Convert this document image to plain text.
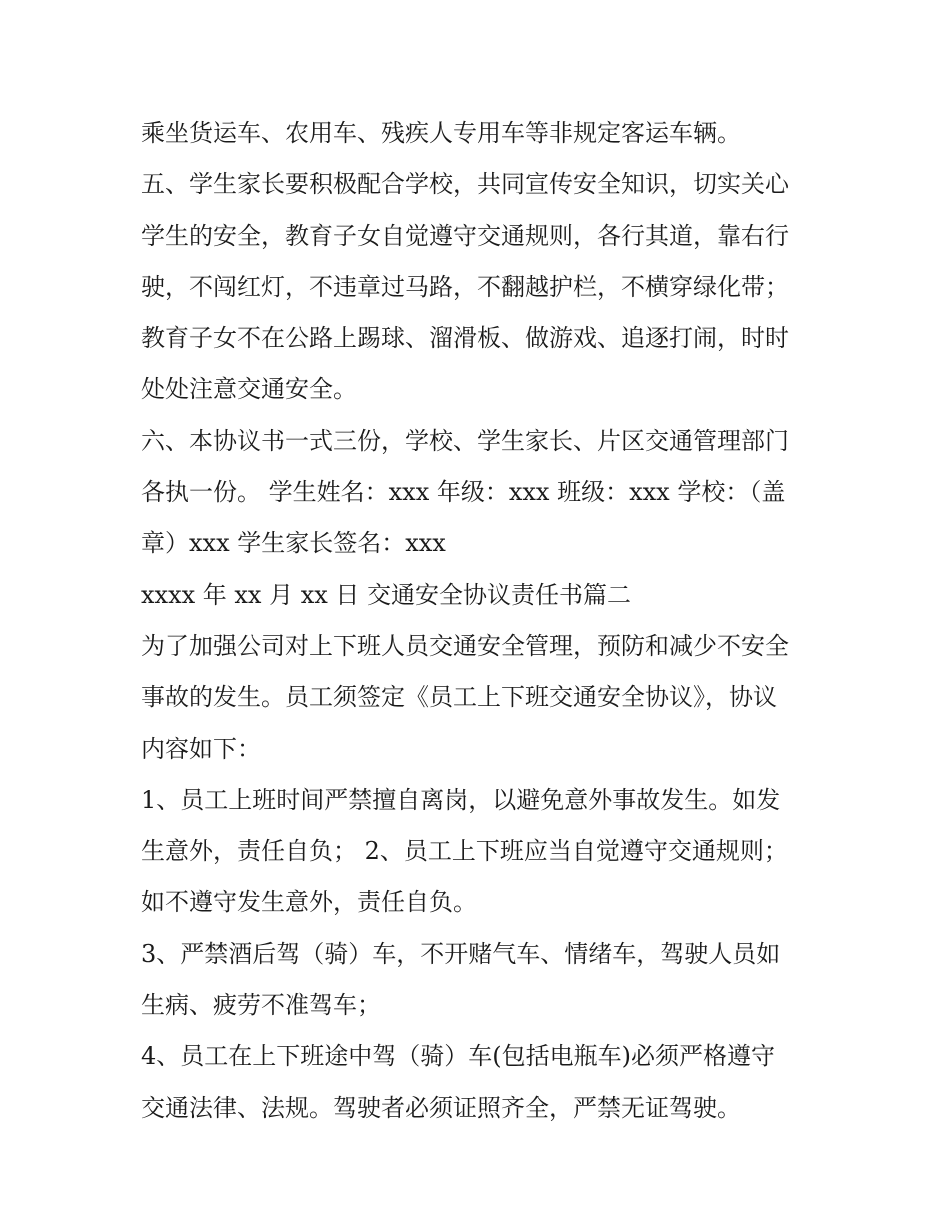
乘坐货运车、农用车、残疾人专用车等非规定客运车辆。

五、学生家长要积极配合学校，共同宣传安全知识，切实关心

学生的安全，教育子女自觉遵守交通规则，各行其道，靠右行

驶，不闯红灯，不违章过马路，不翻越护栏，不横穿绿化带；

教育子女不在公路上踢球、溜滑板、做游戏、追逐打闹，时时

处处注意交通安全。

六、本协议书一式三份，学校、学生家长、片区交通管理部门

各执一份。 学生姓名：xxx 年级：xxx 班级：xxx 学校：（盖

章）xxx 学生家长签名：xxx

xxxx 年 xx 月 xx 日 交通安全协议责任书篇二

为了加强公司对上下班人员交通安全管理，预防和减少不安全

事故的发生。员工须签定《员工上下班交通安全协议》，协议

内容如下：

1、员工上班时间严禁擅自离岗，以避免意外事故发生。如发

生意外，责任自负； 2、员工上下班应当自觉遵守交通规则；

如不遵守发生意外，责任自负。

3、严禁酒后驾（骑）车，不开赌气车、情绪车，驾驶人员如

生病、疲劳不准驾车；

4、员工在上下班途中驾（骑）车(包括电瓶车)必须严格遵守

交通法律、法规。驾驶者必须证照齐全，严禁无证驾驶。
